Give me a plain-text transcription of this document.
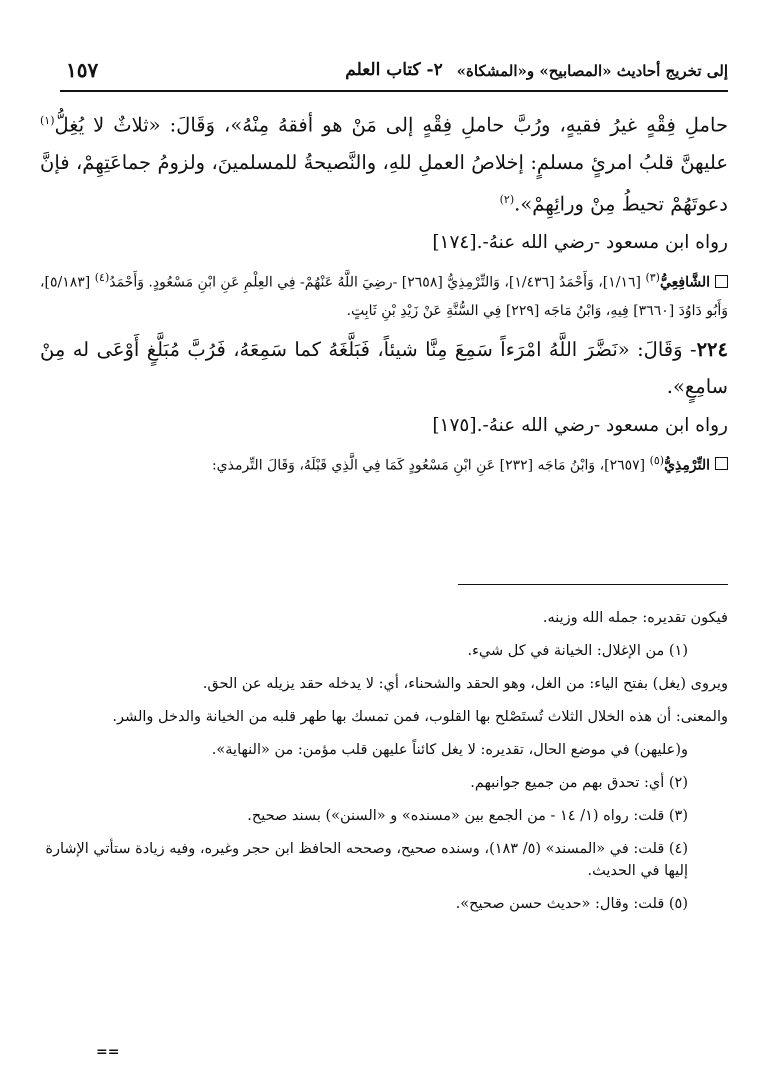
إلى تخريج أحاديث «المصابيح» و«المشكاة»
٢- كتاب العلم
١٥٧

حاملِ فِقْهٍ غيرُ فقيهٍ، ورُبَّ حاملِ فِقْهٍ إلى مَنْ هو أفقهُ مِنْهُ»، وَقَالَ: «ثلاثٌ لا يُغِلُّ$^{(١)}$ عليهنَّ قلبُ امرئٍ مسلمٍ: إخلاصُ العملِ للهِ، والنَّصيحةُ للمسلمينَ، ولزومُ جماعَتِهِمْ، فإنَّ دعوتَهُمْ تحيطُ مِنْ ورائِهِمْ».$^{(٢)}$

رواه ابن مسعود -رضي الله عنهُ-.[١٧٤]

الشَّافِعِيُّ$^{(٣)}$ [١/١٦]، وَأَحْمَدُ [١/٤٣٦]، وَالتِّرْمِذِيُّ [٢٦٥٨] -رضِيَ اللَّهُ عَنْهُمْ- فِي العِلْمِ عَنِ ابْنِ مَسْعُودٍ. وَأَحْمَدُ$^{(٤)}$ [٥/١٨٣]، وَأَبُو دَاوُدَ [٣٦٦٠] فِيهِ، وَابْنُ مَاجَه [٢٢٩] فِي السُّنَّةِ عَنْ زَيْدِ بْنِ ثَابِتٍ.

٢٢٤- وَقَالَ: «نَضَّرَ اللَّهُ امْرَءاً سَمِعَ مِنَّا شيئاً، فَبَلَّغَهُ كما سَمِعَهُ، فَرُبَّ مُبَلَّغٍ أَوْعَى له مِنْ سامِعٍ».

رواه ابن مسعود -رضي الله عنهُ-.[١٧٥]

التِّرْمِذِيُّ$^{(٥)}$ [٢٦٥٧]، وَابْنُ مَاجَه [٢٣٢] عَنِ ابْنِ مَسْعُودٍ كَمَا فِي الَّذِي قَبْلَهُ، وَقَالَ التِّرمذي:

فيكون تقديره: جمله الله وزينه.

(١) من الإغلال: الخيانة في كل شيء.

ويروى (يغل) بفتح الياء: من الغل، وهو الحقد والشحناء، أي: لا يدخله حقد يزيله عن الحق.

والمعنى: أن هذه الخلال الثلاث تُستَصْلح بها القلوب، فمن تمسك بها طهر قلبه من الخيانة والدخل والشر.

و(عليهن) في موضع الحال، تقديره: لا يغل كائناً عليهن قلب مؤمن: من «النهاية».

(٢) أي: تحدق بهم من جميع جوانبهم.

(٣) قلت: رواه (١/ ١٤ - من الجمع بين «مسنده» و «السنن») بسند صحيح.

(٤) قلت: في «المسند» (٥/ ١٨٣)، وسنده صحيح، وصححه الحافظ ابن حجر وغيره، وفيه زيادة ستأتي الإشارة إليها في الحديث.

(٥) قلت: وقال: «حديث حسن صحيح».

==
